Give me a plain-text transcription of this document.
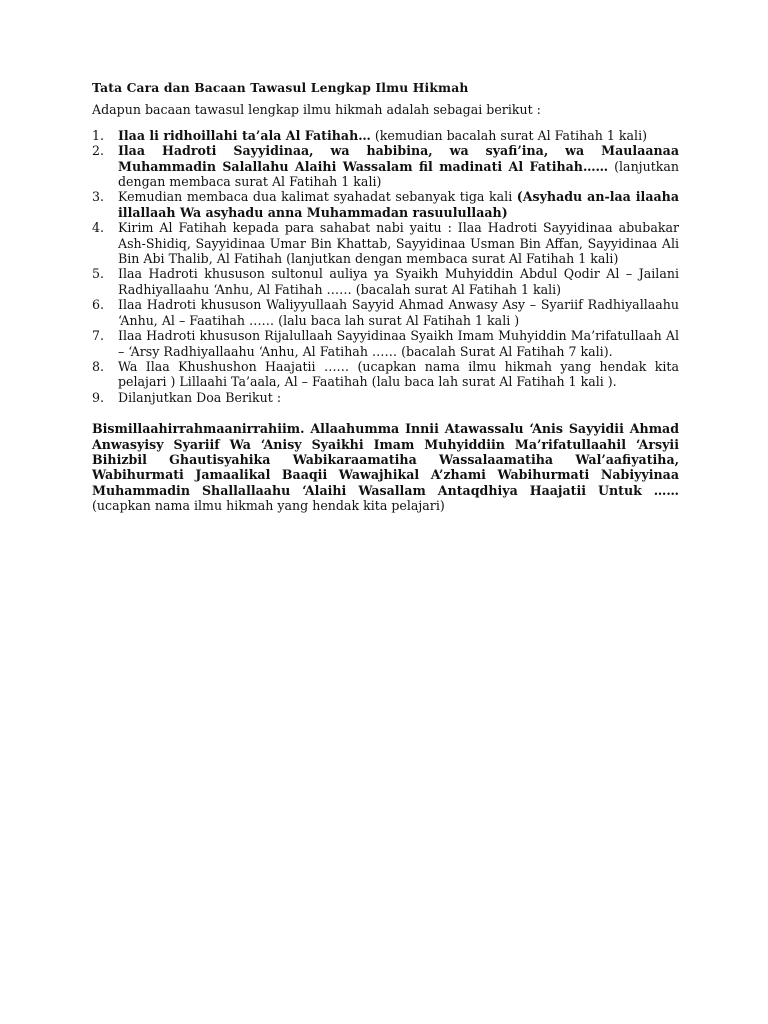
Tata Cara dan Bacaan Tawasul Lengkap Ilmu Hikmah
Adapun bacaan tawasul lengkap ilmu hikmah adalah sebagai berikut :
1.	Ilaa li ridhoillahi ta’ala Al Fatihah… (kemudian bacalah surat Al Fatihah 1 kali)
2.	Ilaa Hadroti Sayyidinaa, wa habibina, wa syafi’ina, wa Maulaanaa Muhammadin Salallahu Alaihi Wassalam fil madinati Al Fatihah…… (lanjutkan dengan membaca surat Al Fatihah 1 kali)
3.	Kemudian membaca dua kalimat syahadat sebanyak tiga kali (Asyhadu an-laa ilaaha illallaah Wa asyhadu anna Muhammadan rasuulullaah)
4.	Kirim Al Fatihah kepada para sahabat nabi yaitu : Ilaa Hadroti Sayyidinaa abubakar Ash-Shidiq, Sayyidinaa Umar Bin Khattab, Sayyidinaa Usman Bin Affan, Sayyidinaa Ali Bin Abi Thalib, Al Fatihah (lanjutkan dengan membaca surat Al Fatihah 1 kali)
5.	Ilaa Hadroti khususon sultonul auliya ya Syaikh Muhyiddin Abdul Qodir Al – Jailani Radhiyallaahu ‘Anhu, Al Fatihah …… (bacalah surat Al Fatihah 1 kali)
6.	Ilaa Hadroti khususon Waliyyullaah Sayyid Ahmad Anwasy Asy – Syariif Radhiyallaahu ‘Anhu, Al – Faatihah …… (lalu baca lah surat Al Fatihah 1 kali )
7.	Ilaa Hadroti khususon Rijalullaah Sayyidinaa Syaikh Imam Muhyiddin Ma’rifatullaah Al – ‘Arsy Radhiyallaahu ‘Anhu, Al Fatihah …… (bacalah Surat Al Fatihah 7 kali).
8.	Wa Ilaa Khushushon Haajatii …… (ucapkan nama ilmu hikmah yang hendak kita pelajari ) Lillaahi Ta’aala, Al – Faatihah (lalu baca lah surat Al Fatihah 1 kali ).
9.	Dilanjutkan Doa Berikut :
Bismillaahirrahmaanirrahiim. Allaahumma Innii Atawassalu ‘Anis Sayyidii Ahmad Anwasyisy Syariif Wa ‘Anisy Syaikhi Imam Muhyiddiin Ma’rifatullaahil ‘Arsyii Bihizbil Ghautisyahika Wabikaraamatiha Wassalaamatiha Wal’aafiyatiha, Wabihurmati Jamaalikal Baaqii Wawajhikal A’zhami Wabihurmati Nabiyyinaa Muhammadin Shallallaahu ‘Alaihi Wasallam Antaqdhiya Haajatii Untuk …… (ucapkan nama ilmu hikmah yang hendak kita pelajari)
